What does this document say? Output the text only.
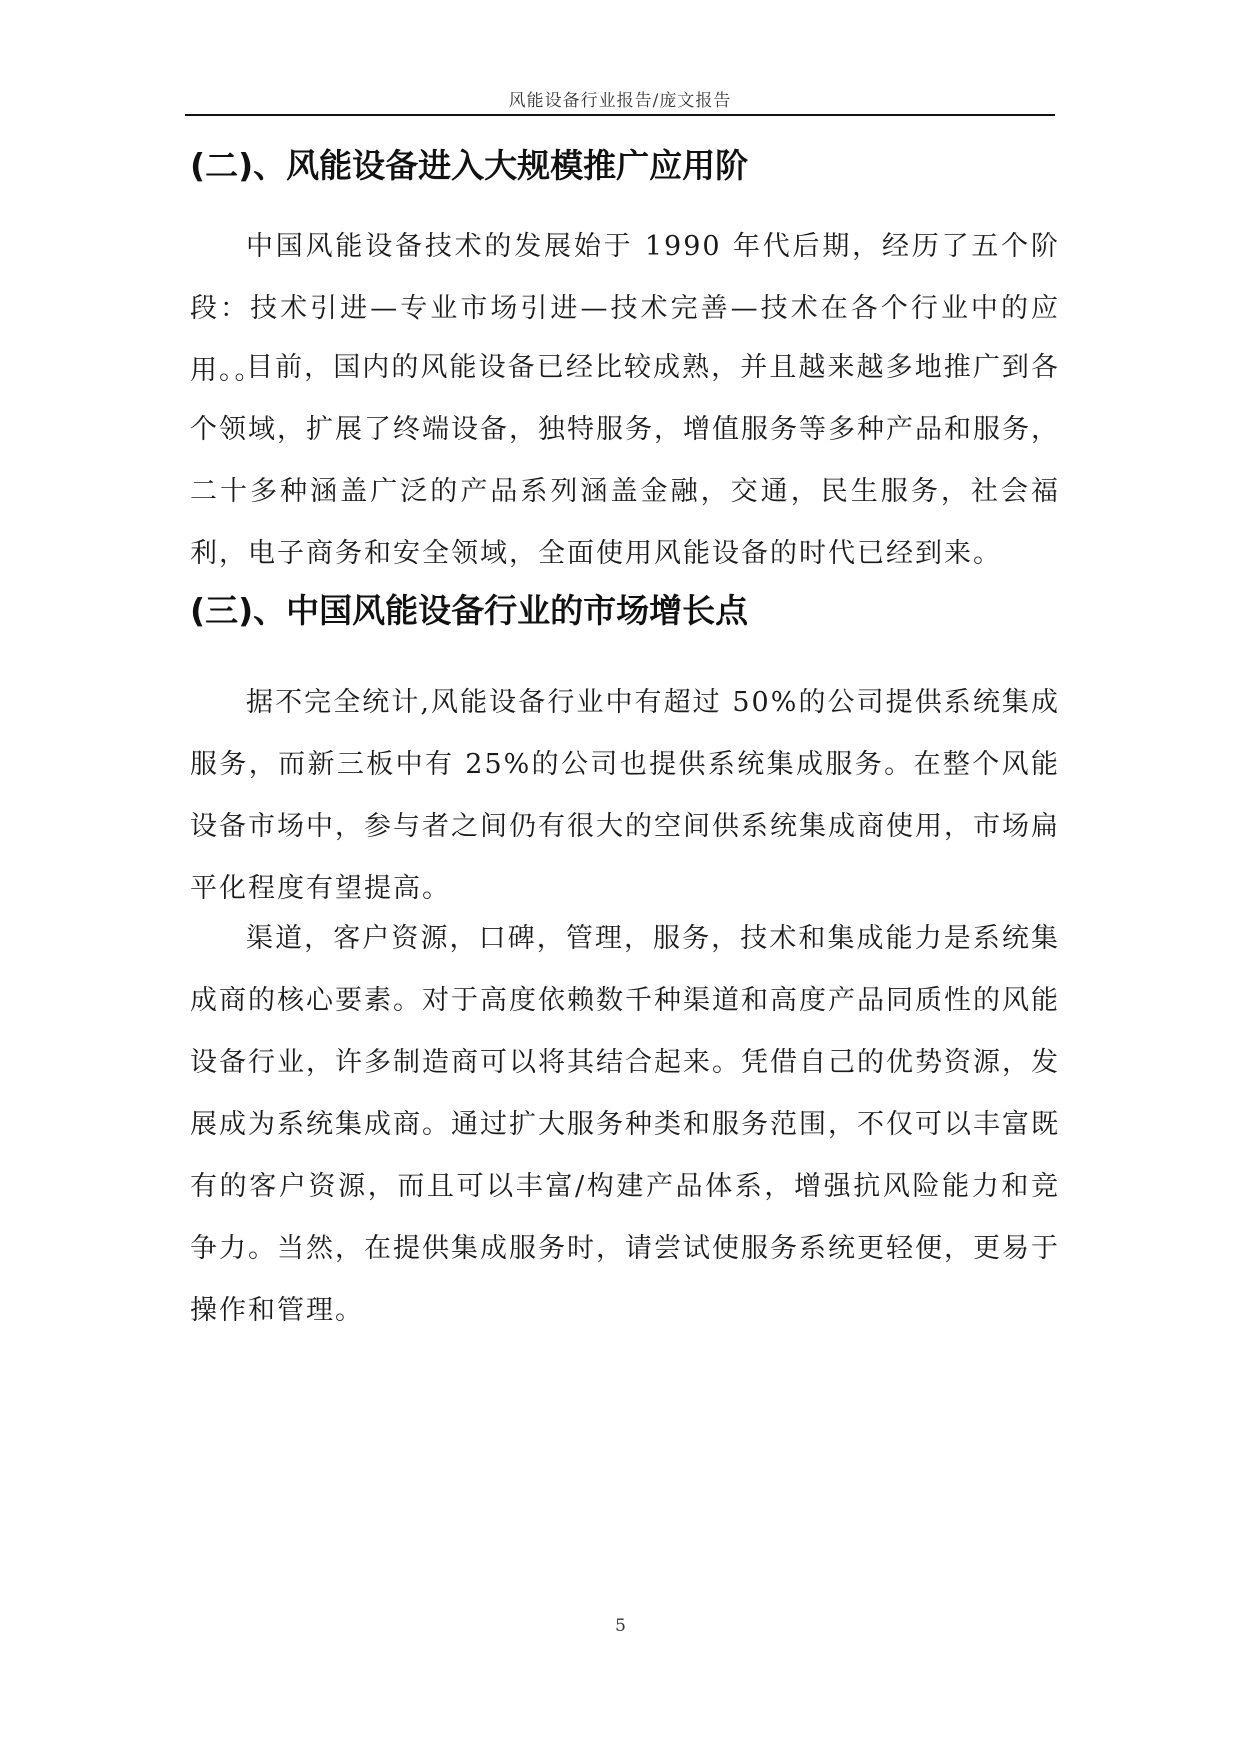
风能设备行业报告/庞文报告
(二)、风能设备进入大规模推广应用阶

中国风能设备技术的发展始于 1990 年代后期，经历了五个阶段：技术引进—专业市场引进—技术完善—技术在各个行业中的应用。。

目前，国内的风能设备已经比较成熟，并且越来越多地推广到各个领域，扩展了终端设备，独特服务，增值服务等多种产品和服务，二十多种涵盖广泛的产品系列涵盖金融，交通，民生服务，社会福利，电子商务和安全领域，全面使用风能设备的时代已经到来。

(三)、中国风能设备行业的市场增长点

据不完全统计,风能设备行业中有超过 50%的公司提供系统集成服务，而新三板中有 25%的公司也提供系统集成服务。在整个风能设备市场中，参与者之间仍有很大的空间供系统集成商使用，市场扁平化程度有望提高。

渠道，客户资源，口碑，管理，服务，技术和集成能力是系统集成商的核心要素。对于高度依赖数千种渠道和高度产品同质性的风能设备行业，许多制造商可以将其结合起来。凭借自己的优势资源，发展成为系统集成商。通过扩大服务种类和服务范围，不仅可以丰富既有的客户资源，而且可以丰富/构建产品体系，增强抗风险能力和竞争力。当然，在提供集成服务时，请尝试使服务系统更轻便，更易于操作和管理。

5
